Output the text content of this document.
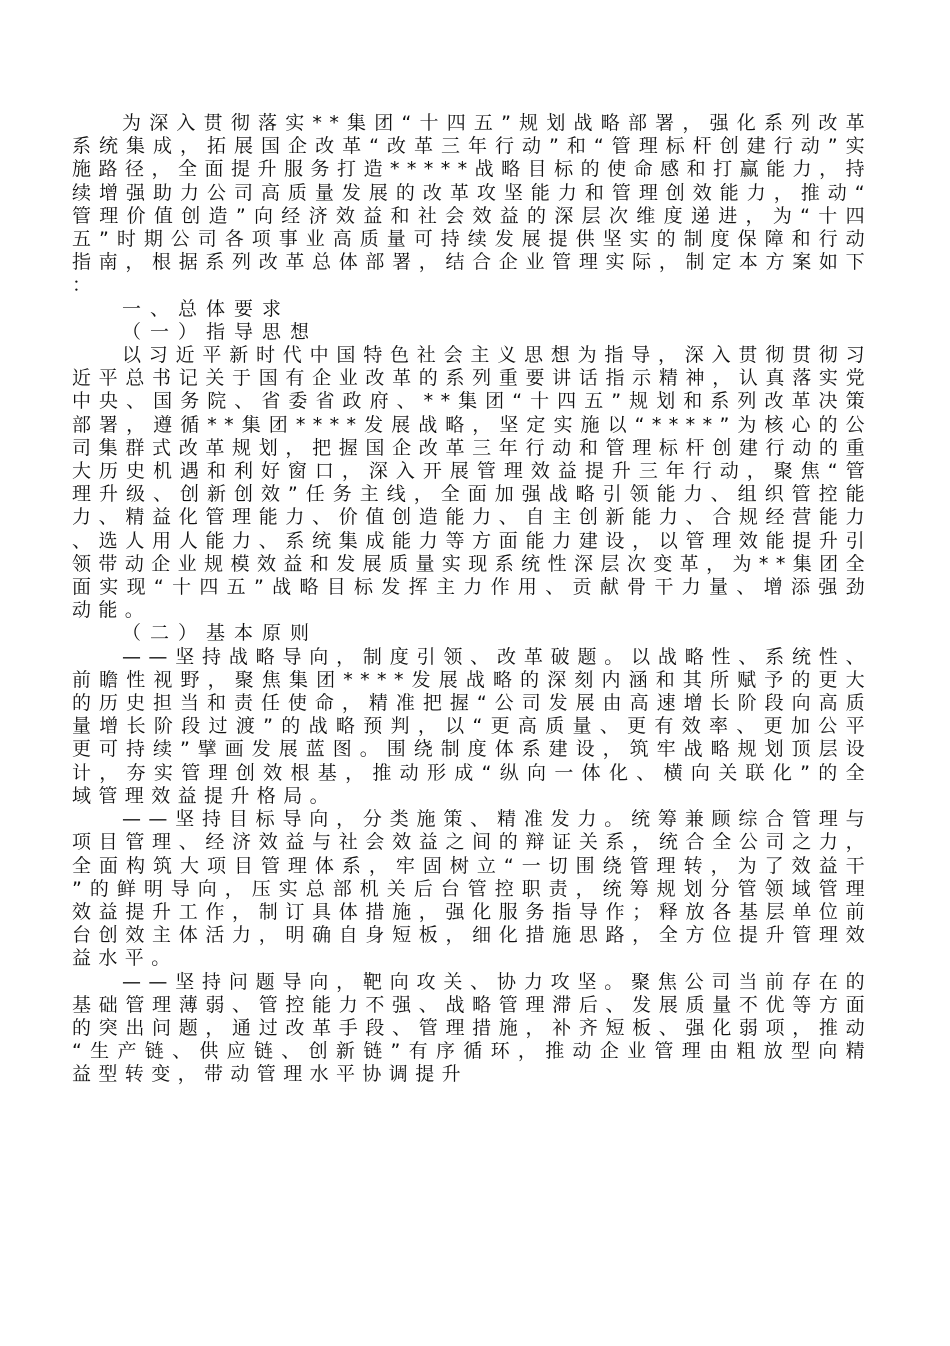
为深入贯彻落实**集团“十四五”规划战略部署，强化系列改革系统集成，拓展国企改革“改革三年行动”和“管理标杆创建行动”实施路径，全面提升服务打造*****战略目标的使命感和打赢能力，持续增强助力公司高质量发展的改革攻坚能力和管理创效能力，推动“管理价值创造”向经济效益和社会效益的深层次维度递进，为“十四五”时期公司各项事业高质量可持续发展提供坚实的制度保障和行动指南，根据系列改革总体部署，结合企业管理实际，制定本方案如下：

一、总体要求

（一）指导思想

以习近平新时代中国特色社会主义思想为指导，深入贯彻贯彻习近平总书记关于国有企业改革的系列重要讲话指示精神，认真落实党中央、国务院、省委省政府、**集团“十四五”规划和系列改革决策部署，遵循**集团****发展战略，坚定实施以“****”为核心的公司集群式改革规划，把握国企改革三年行动和管理标杆创建行动的重大历史机遇和利好窗口，深入开展管理效益提升三年行动，聚焦“管理升级、创新创效”任务主线，全面加强战略引领能力、组织管控能力、精益化管理能力、价值创造能力、自主创新能力、合规经营能力、选人用人能力、系统集成能力等方面能力建设，以管理效能提升引领带动企业规模效益和发展质量实现系统性深层次变革，为**集团全面实现“十四五”战略目标发挥主力作用、贡献骨干力量、增添强劲动能。

（二）基本原则

——坚持战略导向，制度引领、改革破题。以战略性、系统性、前瞻性视野，聚焦集团****发展战略的深刻内涵和其所赋予的更大的历史担当和责任使命，精准把握“公司发展由高速增长阶段向高质量增长阶段过渡”的战略预判，以“更高质量、更有效率、更加公平更可持续”擘画发展蓝图。围绕制度体系建设，筑牢战略规划顶层设计，夯实管理创效根基，推动形成“纵向一体化、横向关联化”的全域管理效益提升格局。

——坚持目标导向，分类施策、精准发力。统筹兼顾综合管理与项目管理、经济效益与社会效益之间的辩证关系，统合全公司之力，全面构筑大项目管理体系，牢固树立“一切围绕管理转，为了效益干”的鲜明导向，压实总部机关后台管控职责，统筹规划分管领域管理效益提升工作，制订具体措施，强化服务指导作；释放各基层单位前台创效主体活力，明确自身短板，细化措施思路，全方位提升管理效益水平。

——坚持问题导向，靶向攻关、协力攻坚。聚焦公司当前存在的基础管理薄弱、管控能力不强、战略管理滞后、发展质量不优等方面的突出问题，通过改革手段、管理措施，补齐短板、强化弱项，推动“生产链、供应链、创新链”有序循环，推动企业管理由粗放型向精益型转变，带动管理水平协调提升
